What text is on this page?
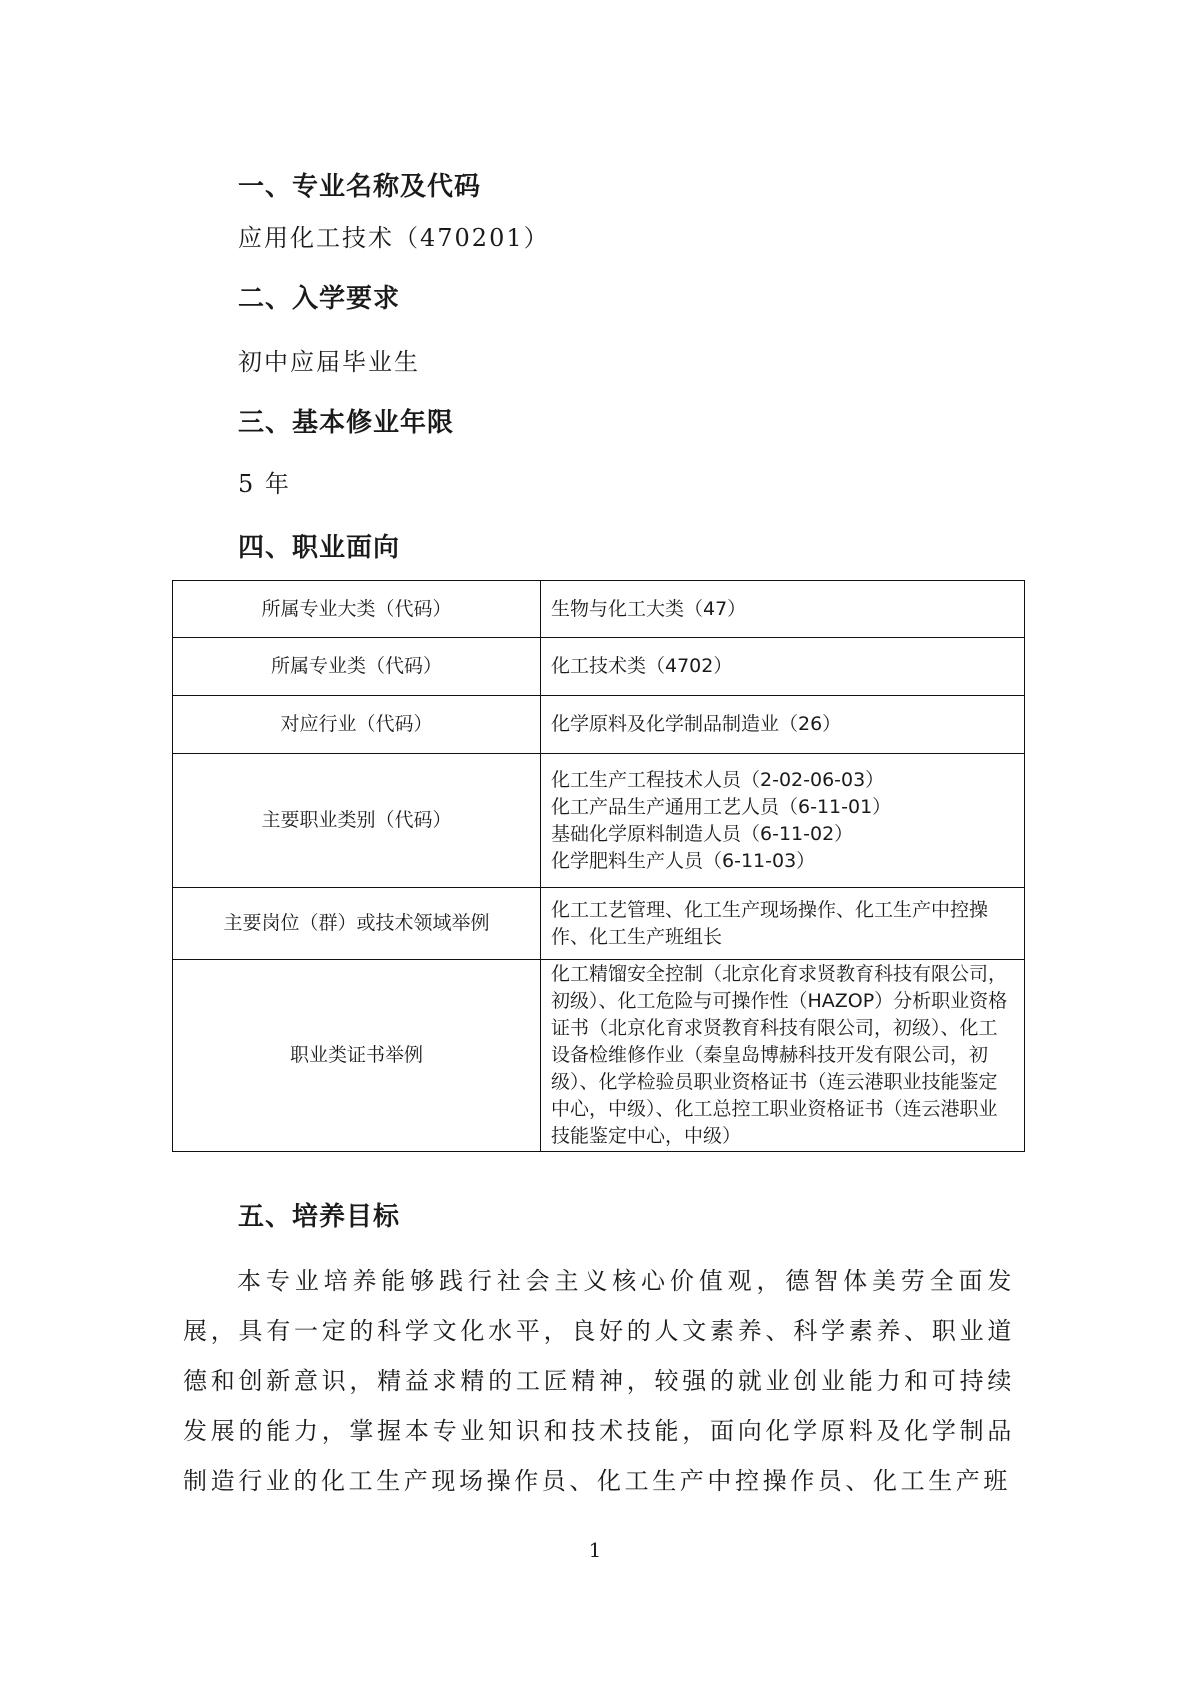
一、专业名称及代码
应用化工技术（470201）
二、入学要求
初中应届毕业生
三、基本修业年限
5 年
四、职业面向
所属专业大类（代码）	生物与化工大类（47）
所属专业类（代码）	化工技术类（4702）
对应行业（代码）	化学原料及化学制品制造业（26）
主要职业类别（代码）	化工生产工程技术人员（2-02-06-03）
化工产品生产通用工艺人员（6-11-01）
基础化学原料制造人员（6-11-02）
化学肥料生产人员（6-11-03）

主要岗位（群）或技术领域举例	化工工艺管理、化工生产现场操作、化工生产中控操作、化工生产班组长
职业类证书举例	化工精馏安全控制（北京化育求贤教育科技有限公司，初级）、化工危险与可操作性（HAZOP）分析职业资格证书（北京化育求贤教育科技有限公司，初级）、化工设备检维修作业（秦皇岛博赫科技开发有限公司，初级）、化学检验员职业资格证书（连云港职业技能鉴定中心，中级）、化工总控工职业资格证书（连云港职业技能鉴定中心，中级）
五、培养目标
本专业培养能够践行社会主义核心价值观，德智体美劳全面发展，具有一定的科学文化水平，良好的人文素养、科学素养、职业道德和创新意识，精益求精的工匠精神，较强的就业创业能力和可持续发展的能力，掌握本专业知识和技术技能，面向化学原料及化学制品制造行业的化工生产现场操作员、化工生产中控操作员、化工生产班
1
